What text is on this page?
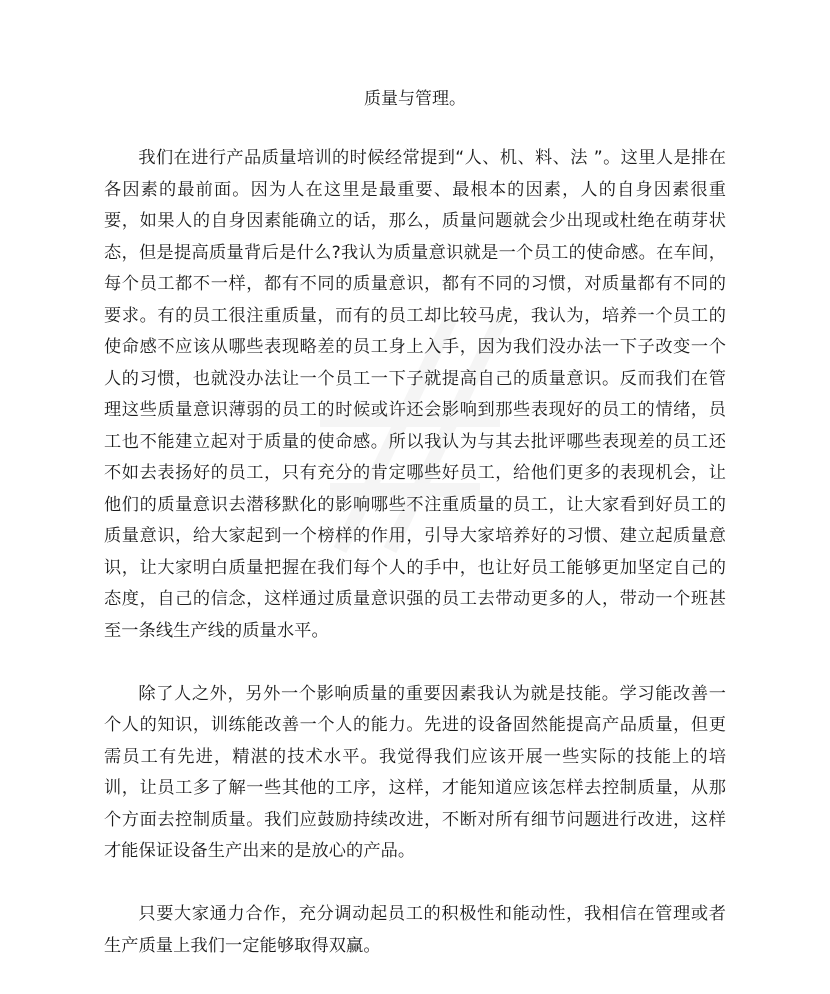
质量与管理。

我们在进行产品质量培训的时候经常提到“人、机、料、法 ”。这里人是排在各因素的最前面。因为人在这里是最重要、最根本的因素，人的自身因素很重要，如果人的自身因素能确立的话，那么，质量问题就会少出现或杜绝在萌芽状态，但是提高质量背后是什么?我认为质量意识就是一个员工的使命感。在车间，每个员工都不一样，都有不同的质量意识，都有不同的习惯，对质量都有不同的要求。有的员工很注重质量，而有的员工却比较马虎，我认为，培养一个员工的使命感不应该从哪些表现略差的员工身上入手，因为我们没办法一下子改变一个人的习惯，也就没办法让一个员工一下子就提高自己的质量意识。反而我们在管理这些质量意识薄弱的员工的时候或许还会影响到那些表现好的员工的情绪，员工也不能建立起对于质量的使命感。所以我认为与其去批评哪些表现差的员工还不如去表扬好的员工，只有充分的肯定哪些好员工，给他们更多的表现机会，让他们的质量意识去潜移默化的影响哪些不注重质量的员工，让大家看到好员工的质量意识，给大家起到一个榜样的作用，引导大家培养好的习惯、建立起质量意识，让大家明白质量把握在我们每个人的手中，也让好员工能够更加坚定自己的态度，自己的信念，这样通过质量意识强的员工去带动更多的人，带动一个班甚至一条线生产线的质量水平。

除了人之外，另外一个影响质量的重要因素我认为就是技能。学习能改善一个人的知识，训练能改善一个人的能力。先进的设备固然能提高产品质量，但更需员工有先进，精湛的技术水平。我觉得我们应该开展一些实际的技能上的培训，让员工多了解一些其他的工序，这样，才能知道应该怎样去控制质量，从那个方面去控制质量。我们应鼓励持续改进，不断对所有细节问题进行改进，这样才能保证设备生产出来的是放心的产品。

只要大家通力合作，充分调动起员工的积极性和能动性，我相信在管理或者生产质量上我们一定能够取得双赢。
